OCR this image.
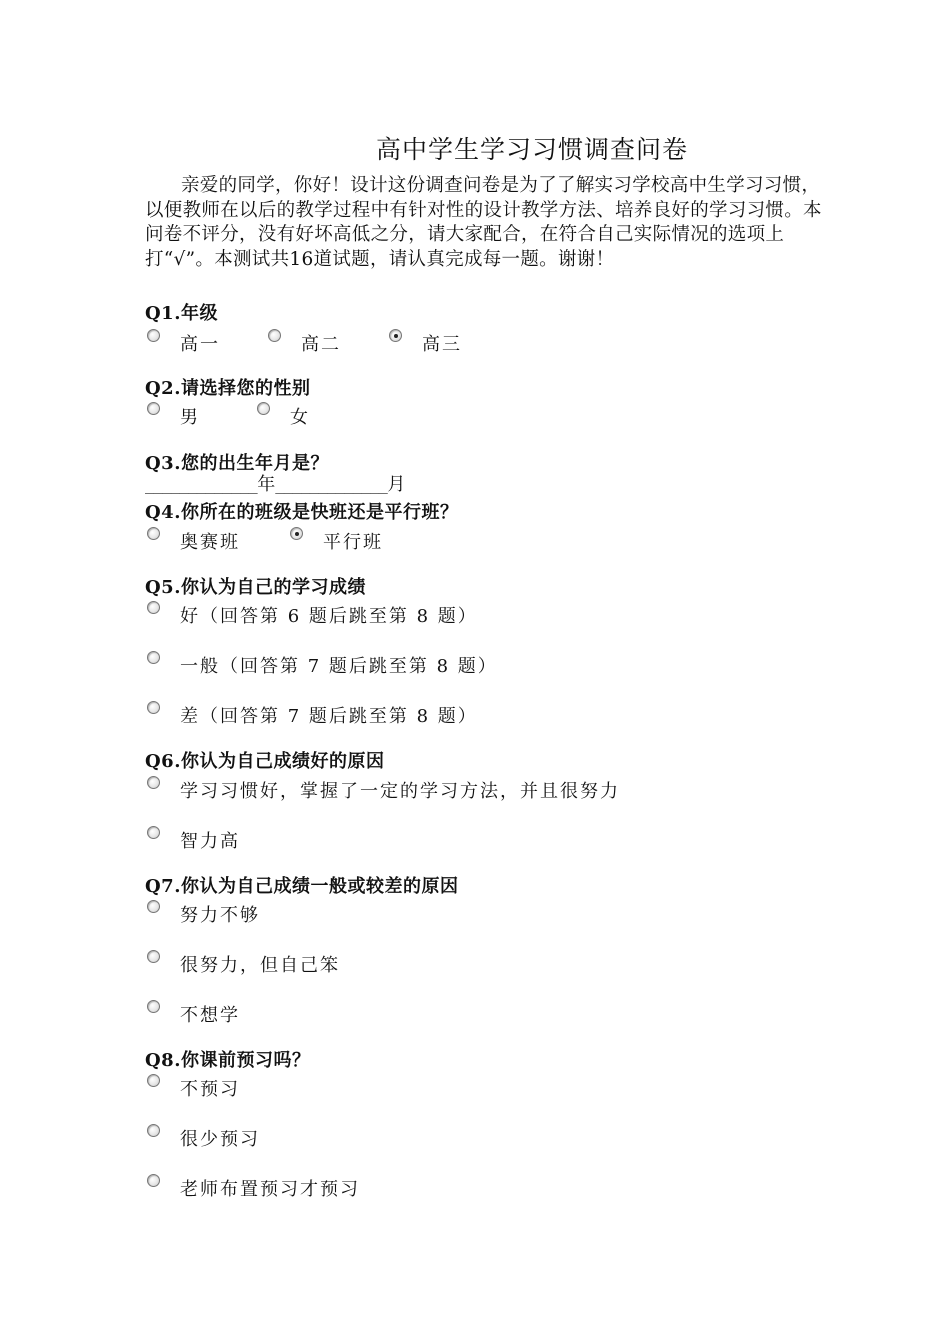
高中学生学习习惯调查问卷

亲爱的同学，你好！设计这份调查问卷是为了了解实习学校高中生学习习惯，以便教师在以后的教学过程中有针对性的设计教学方法、培养良好的学习习惯。本问卷不评分，没有好坏高低之分，请大家配合，在符合自己实际情况的选项上打“√”。本测试共16道试题，请认真完成每一题。谢谢！

Q1.年级
高一	高二	高三
Q2.请选择您的性别
男	女
Q3.您的出生年月是？
_____________年_____________月
Q4.你所在的班级是快班还是平行班？
奥赛班	平行班
Q5.你认为自己的学习成绩
好（回答第 6 题后跳至第 8 题）
一般（回答第 7 题后跳至第 8 题）
差（回答第 7 题后跳至第 8 题）
Q6.你认为自己成绩好的原因
学习习惯好，掌握了一定的学习方法，并且很努力
智力高
Q7.你认为自己成绩一般或较差的原因
努力不够
很努力，但自己笨
不想学
Q8.你课前预习吗？
不预习
很少预习
老师布置预习才预习
